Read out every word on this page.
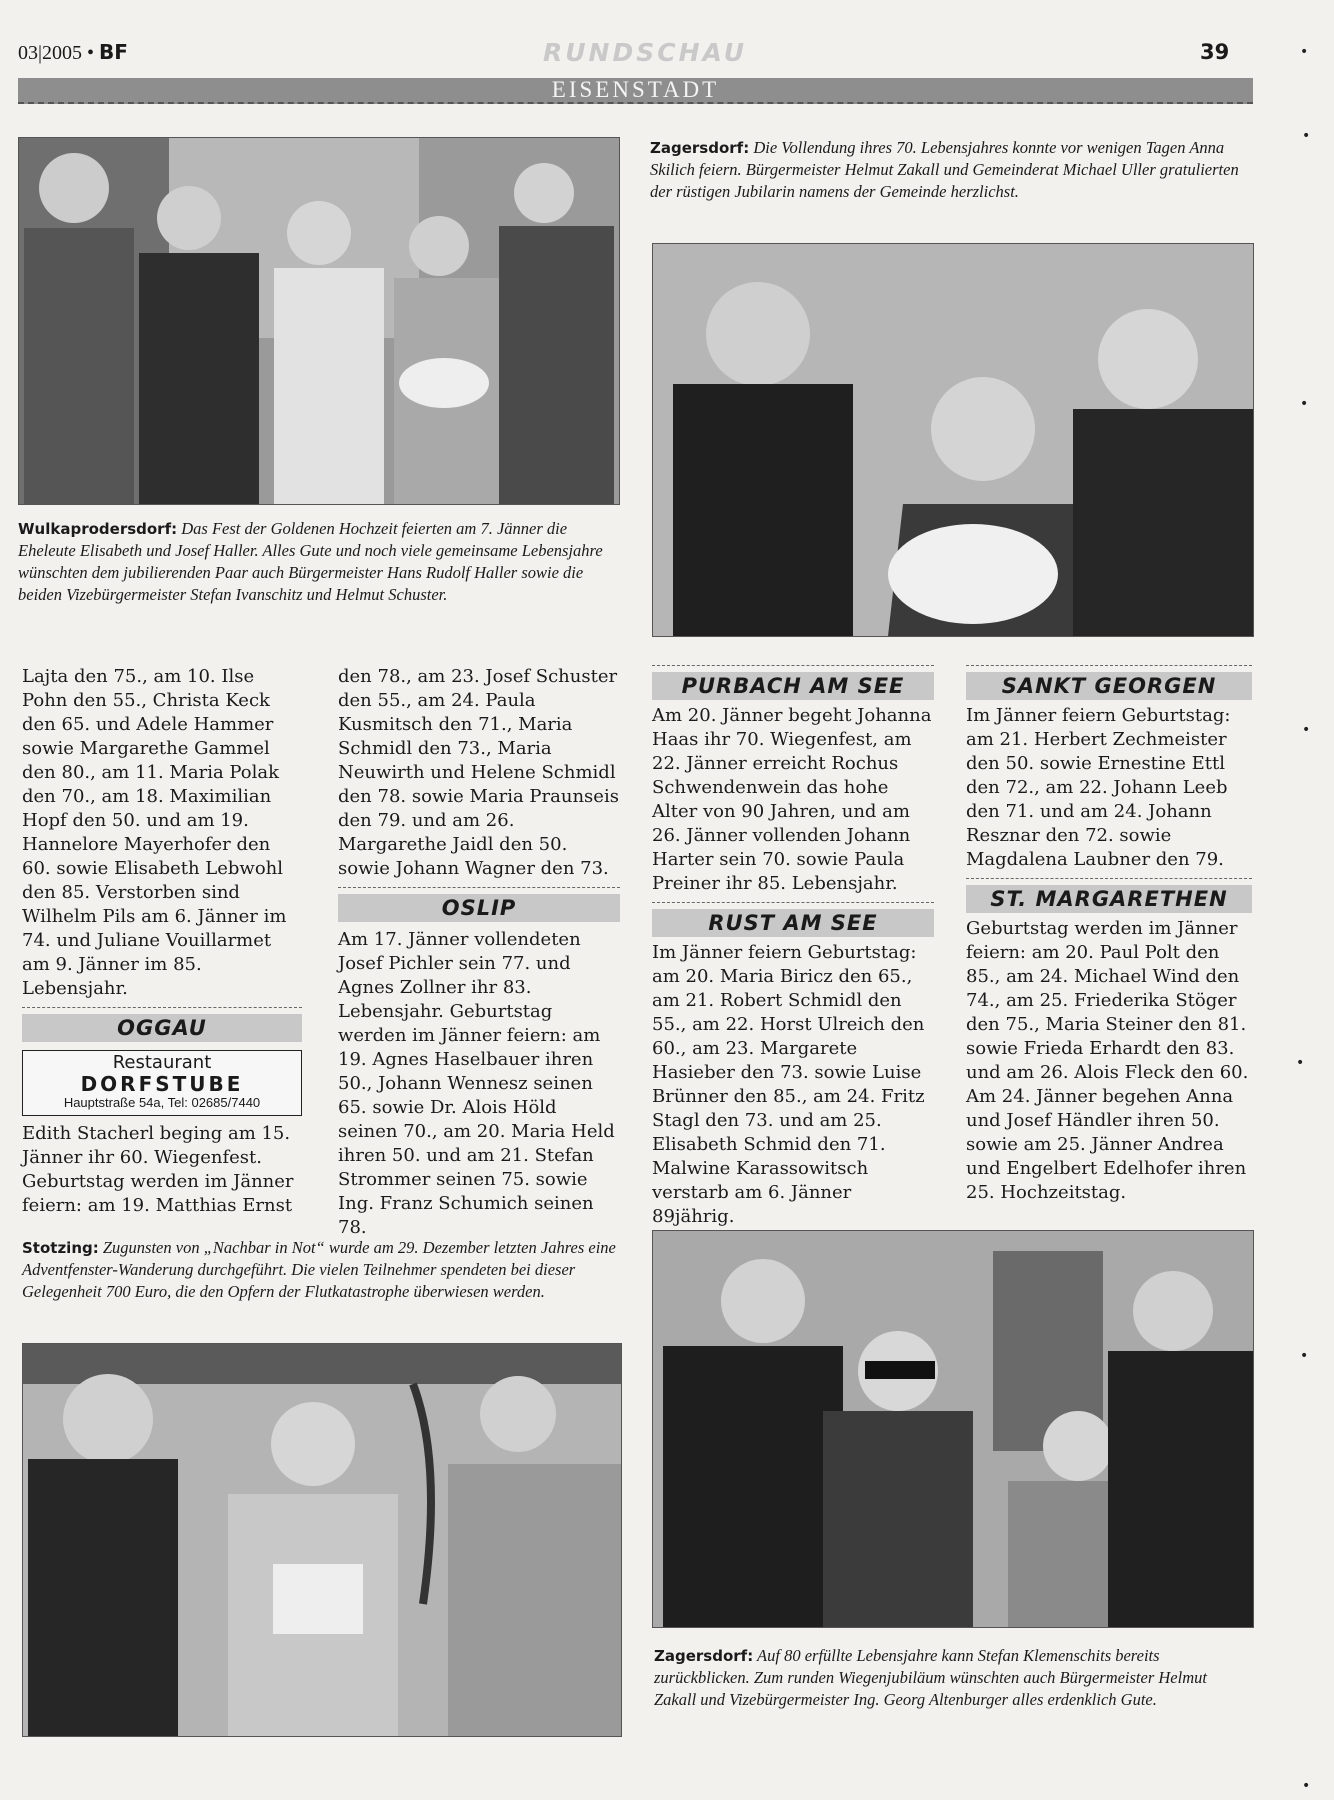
03|2005 • BF	RUNDSCHAU	39
EISENSTADT
Zagersdorf: Die Vollendung ihres 70. Lebensjahres konnte vor wenigen Tagen Anna Skilich feiern. Bürgermeister Helmut Zakall und Gemeinderat Michael Uller gratulierten der rüstigen Jubilarin namens der Gemeinde herzlichst.
Wulkaprodersdorf: Das Fest der Goldenen Hochzeit feierten am 7. Jänner die Eheleute Elisabeth und Josef Haller. Alles Gute und noch viele gemeinsame Lebensjahre wünschten dem jubilierenden Paar auch Bürgermeister Hans Rudolf Haller sowie die beiden Vizebürgermeister Stefan Ivanschitz und Helmut Schuster.

Lajta den 75., am 10. Ilse Pohn den 55., Christa Keck den 65. und Adele Hammer sowie Margarethe Gammel den 80., am 11. Maria Polak den 70., am 18. Maximilian Hopf den 50. und am 19. Hannelore Mayerhofer den 60. sowie Elisabeth Lebwohl den 85. Verstorben sind Wilhelm Pils am 6. Jänner im 74. und Juliane Vouillarmet am 9. Jänner im 85. Lebensjahr.

OGGAU
Restaurant
DORFSTUBE
Hauptstraße 54a, Tel: 02685/7440

Edith Stacherl beging am 15. Jänner ihr 60. Wiegenfest. Geburtstag werden im Jänner feiern: am 19. Matthias Ernst

den 78., am 23. Josef Schuster den 55., am 24. Paula Kusmitsch den 71., Maria Schmidl den 73., Maria Neuwirth und Helene Schmidl den 78. sowie Maria Praunseis den 79. und am 26. Margarethe Jaidl den 50. sowie Johann Wagner den 73.

OSLIP

Am 17. Jänner vollendeten Josef Pichler sein 77. und Agnes Zollner ihr 83. Lebensjahr. Geburtstag werden im Jänner feiern: am 19. Agnes Haselbauer ihren 50., Johann Wennesz seinen 65. sowie Dr. Alois Höld seinen 70., am 20. Maria Held ihren 50. und am 21. Stefan Strommer seinen 75. sowie Ing. Franz Schumich seinen 78.

PURBACH AM SEE

Am 20. Jänner begeht Johanna Haas ihr 70. Wiegenfest, am 22. Jänner erreicht Rochus Schwendenwein das hohe Alter von 90 Jahren, und am 26. Jänner vollenden Johann Harter sein 70. sowie Paula Preiner ihr 85. Lebensjahr.

RUST AM SEE

Im Jänner feiern Geburtstag: am 20. Maria Biricz den 65., am 21. Robert Schmidl den 55., am 22. Horst Ulreich den 60., am 23. Margarete Hasieber den 73. sowie Luise Brünner den 85., am 24. Fritz Stagl den 73. und am 25. Elisabeth Schmid den 71.

Malwine Karassowitsch verstarb am 6. Jänner 89jährig.

SANKT GEORGEN

Im Jänner feiern Geburtstag: am 21. Herbert Zechmeister den 50. sowie Ernestine Ettl den 72., am 22. Johann Leeb den 71. und am 24. Johann Resznar den 72. sowie Magdalena Laubner den 79.

ST. MARGARETHEN

Geburtstag werden im Jänner feiern: am 20. Paul Polt den 85., am 24. Michael Wind den 74., am 25. Friederika Stöger den 75., Maria Steiner den 81. sowie Frieda Erhardt den 83. und am 26. Alois Fleck den 60. Am 24. Jänner begehen Anna und Josef Händler ihren 50. sowie am 25. Jänner Andrea und Engelbert Edelhofer ihren 25. Hochzeitstag.

Stotzing: Zugunsten von „Nachbar in Not“ wurde am 29. Dezember letzten Jahres eine Adventfenster-Wanderung durchgeführt. Die vielen Teilnehmer spendeten bei dieser Gelegenheit 700 Euro, die den Opfern der Flutkatastrophe überwiesen werden.
Zagersdorf: Auf 80 erfüllte Lebensjahre kann Stefan Klemenschits bereits zurückblicken. Zum runden Wiegenjubiläum wünschten auch Bürgermeister Helmut Zakall und Vizebürgermeister Ing. Georg Altenburger alles erdenklich Gute.
•
•
•
•
•
•
•
